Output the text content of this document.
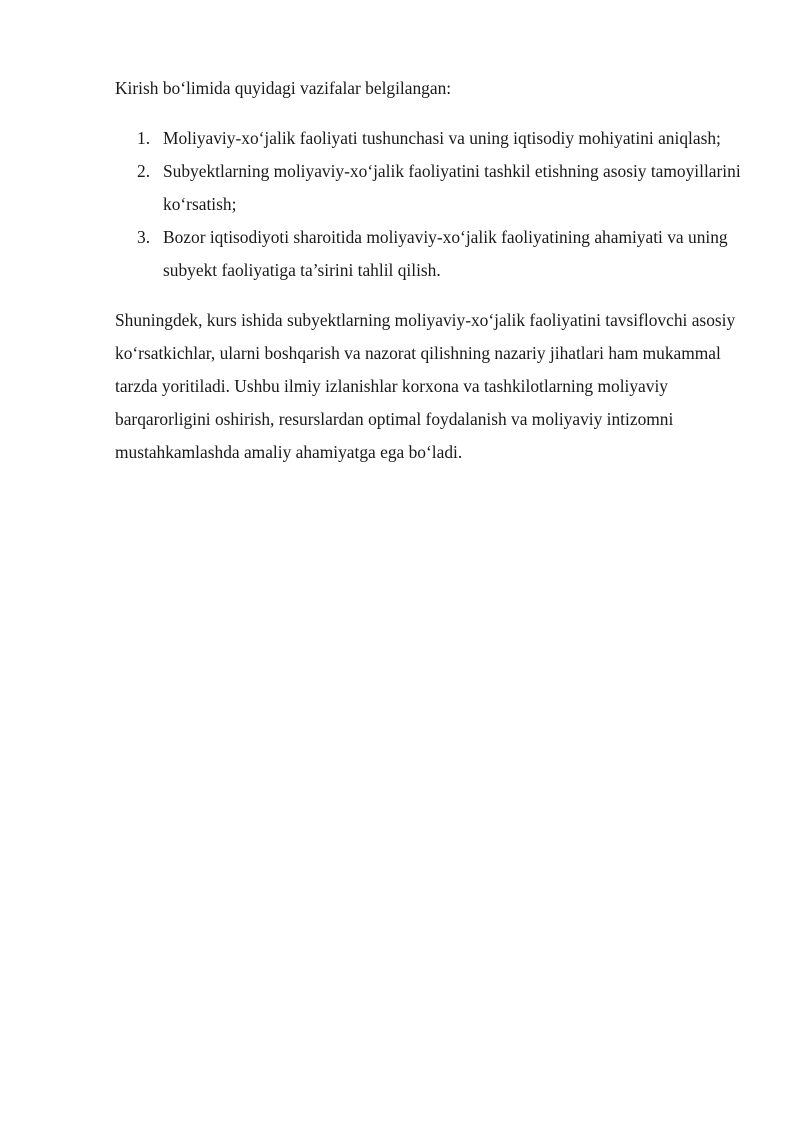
Kirish bo‘limida quyidagi vazifalar belgilangan:

1. Moliyaviy-xo‘jalik faoliyati tushunchasi va uning iqtisodiy mohiyatini aniqlash;
2. Subyektlarning moliyaviy-xo‘jalik faoliyatini tashkil etishning asosiy tamoyillarini ko‘rsatish;
3. Bozor iqtisodiyoti sharoitida moliyaviy-xo‘jalik faoliyatining ahamiyati va uning subyekt faoliyatiga ta’sirini tahlil qilish.

Shuningdek, kurs ishida subyektlarning moliyaviy-xo‘jalik faoliyatini tavsiflovchi asosiy ko‘rsatkichlar, ularni boshqarish va nazorat qilishning nazariy jihatlari ham mukammal tarzda yoritiladi. Ushbu ilmiy izlanishlar korxona va tashkilotlarning moliyaviy barqarorligini oshirish, resurslardan optimal foydalanish va moliyaviy intizomni mustahkamlashda amaliy ahamiyatga ega bo‘ladi.
